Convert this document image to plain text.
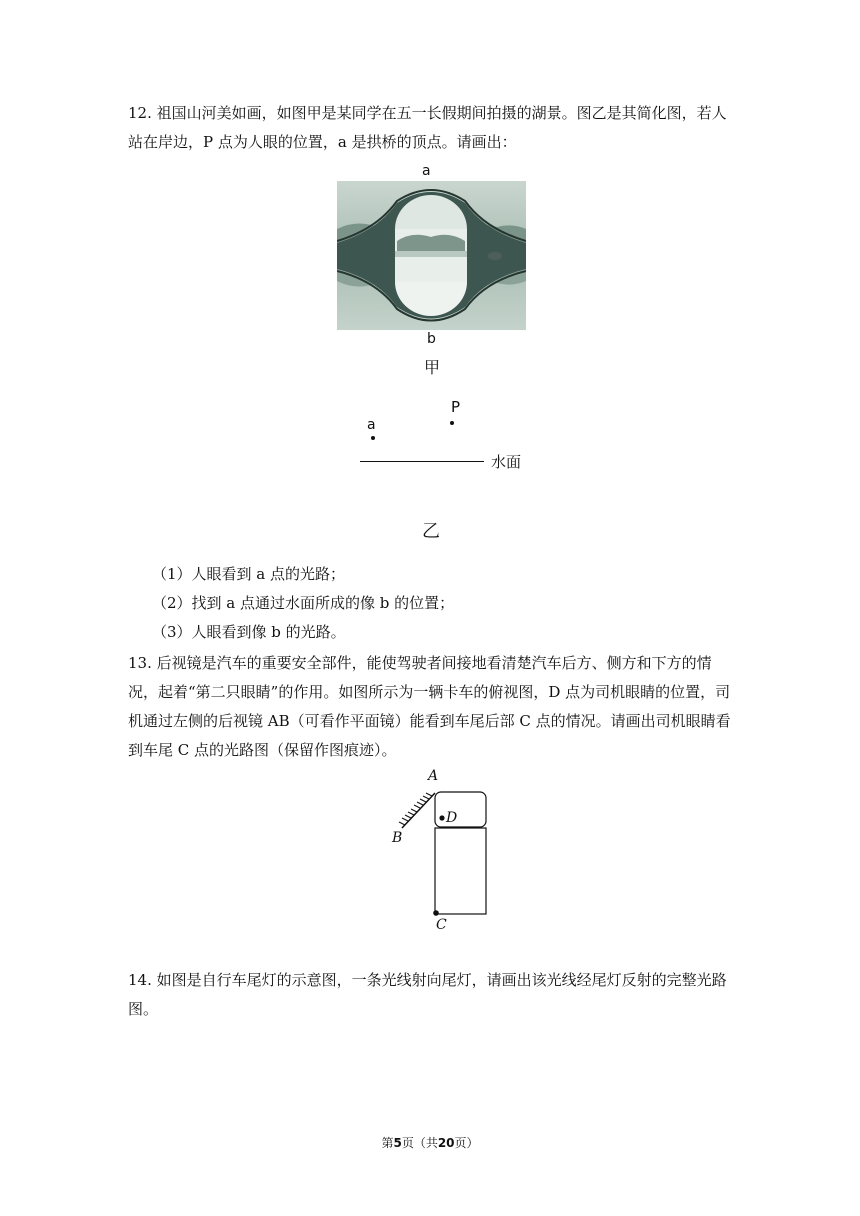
12. 祖国山河美如画，如图甲是某同学在五一长假期间拍摄的湖景。图乙是其简化图，若人站在岸边，P 点为人眼的位置，a 是拱桥的顶点。请画出：
a
b
甲
P
a
水面
乙
（1）人眼看到 a 点的光路；
（2）找到 a 点通过水面所成的像 b 的位置；
（3）人眼看到像 b 的光路。
13. 后视镜是汽车的重要安全部件，能使驾驶者间接地看清楚汽车后方、侧方和下方的情况，起着“第二只眼睛”的作用。如图所示为一辆卡车的俯视图，D 点为司机眼睛的位置，司机通过左侧的后视镜 AB（可看作平面镜）能看到车尾后部 C 点的情况。请画出司机眼睛看到车尾 C 点的光路图（保留作图痕迹）。
A
B
D
C
14. 如图是自行车尾灯的示意图，一条光线射向尾灯，请画出该光线经尾灯反射的完整光路图。
第5页（共20页）
